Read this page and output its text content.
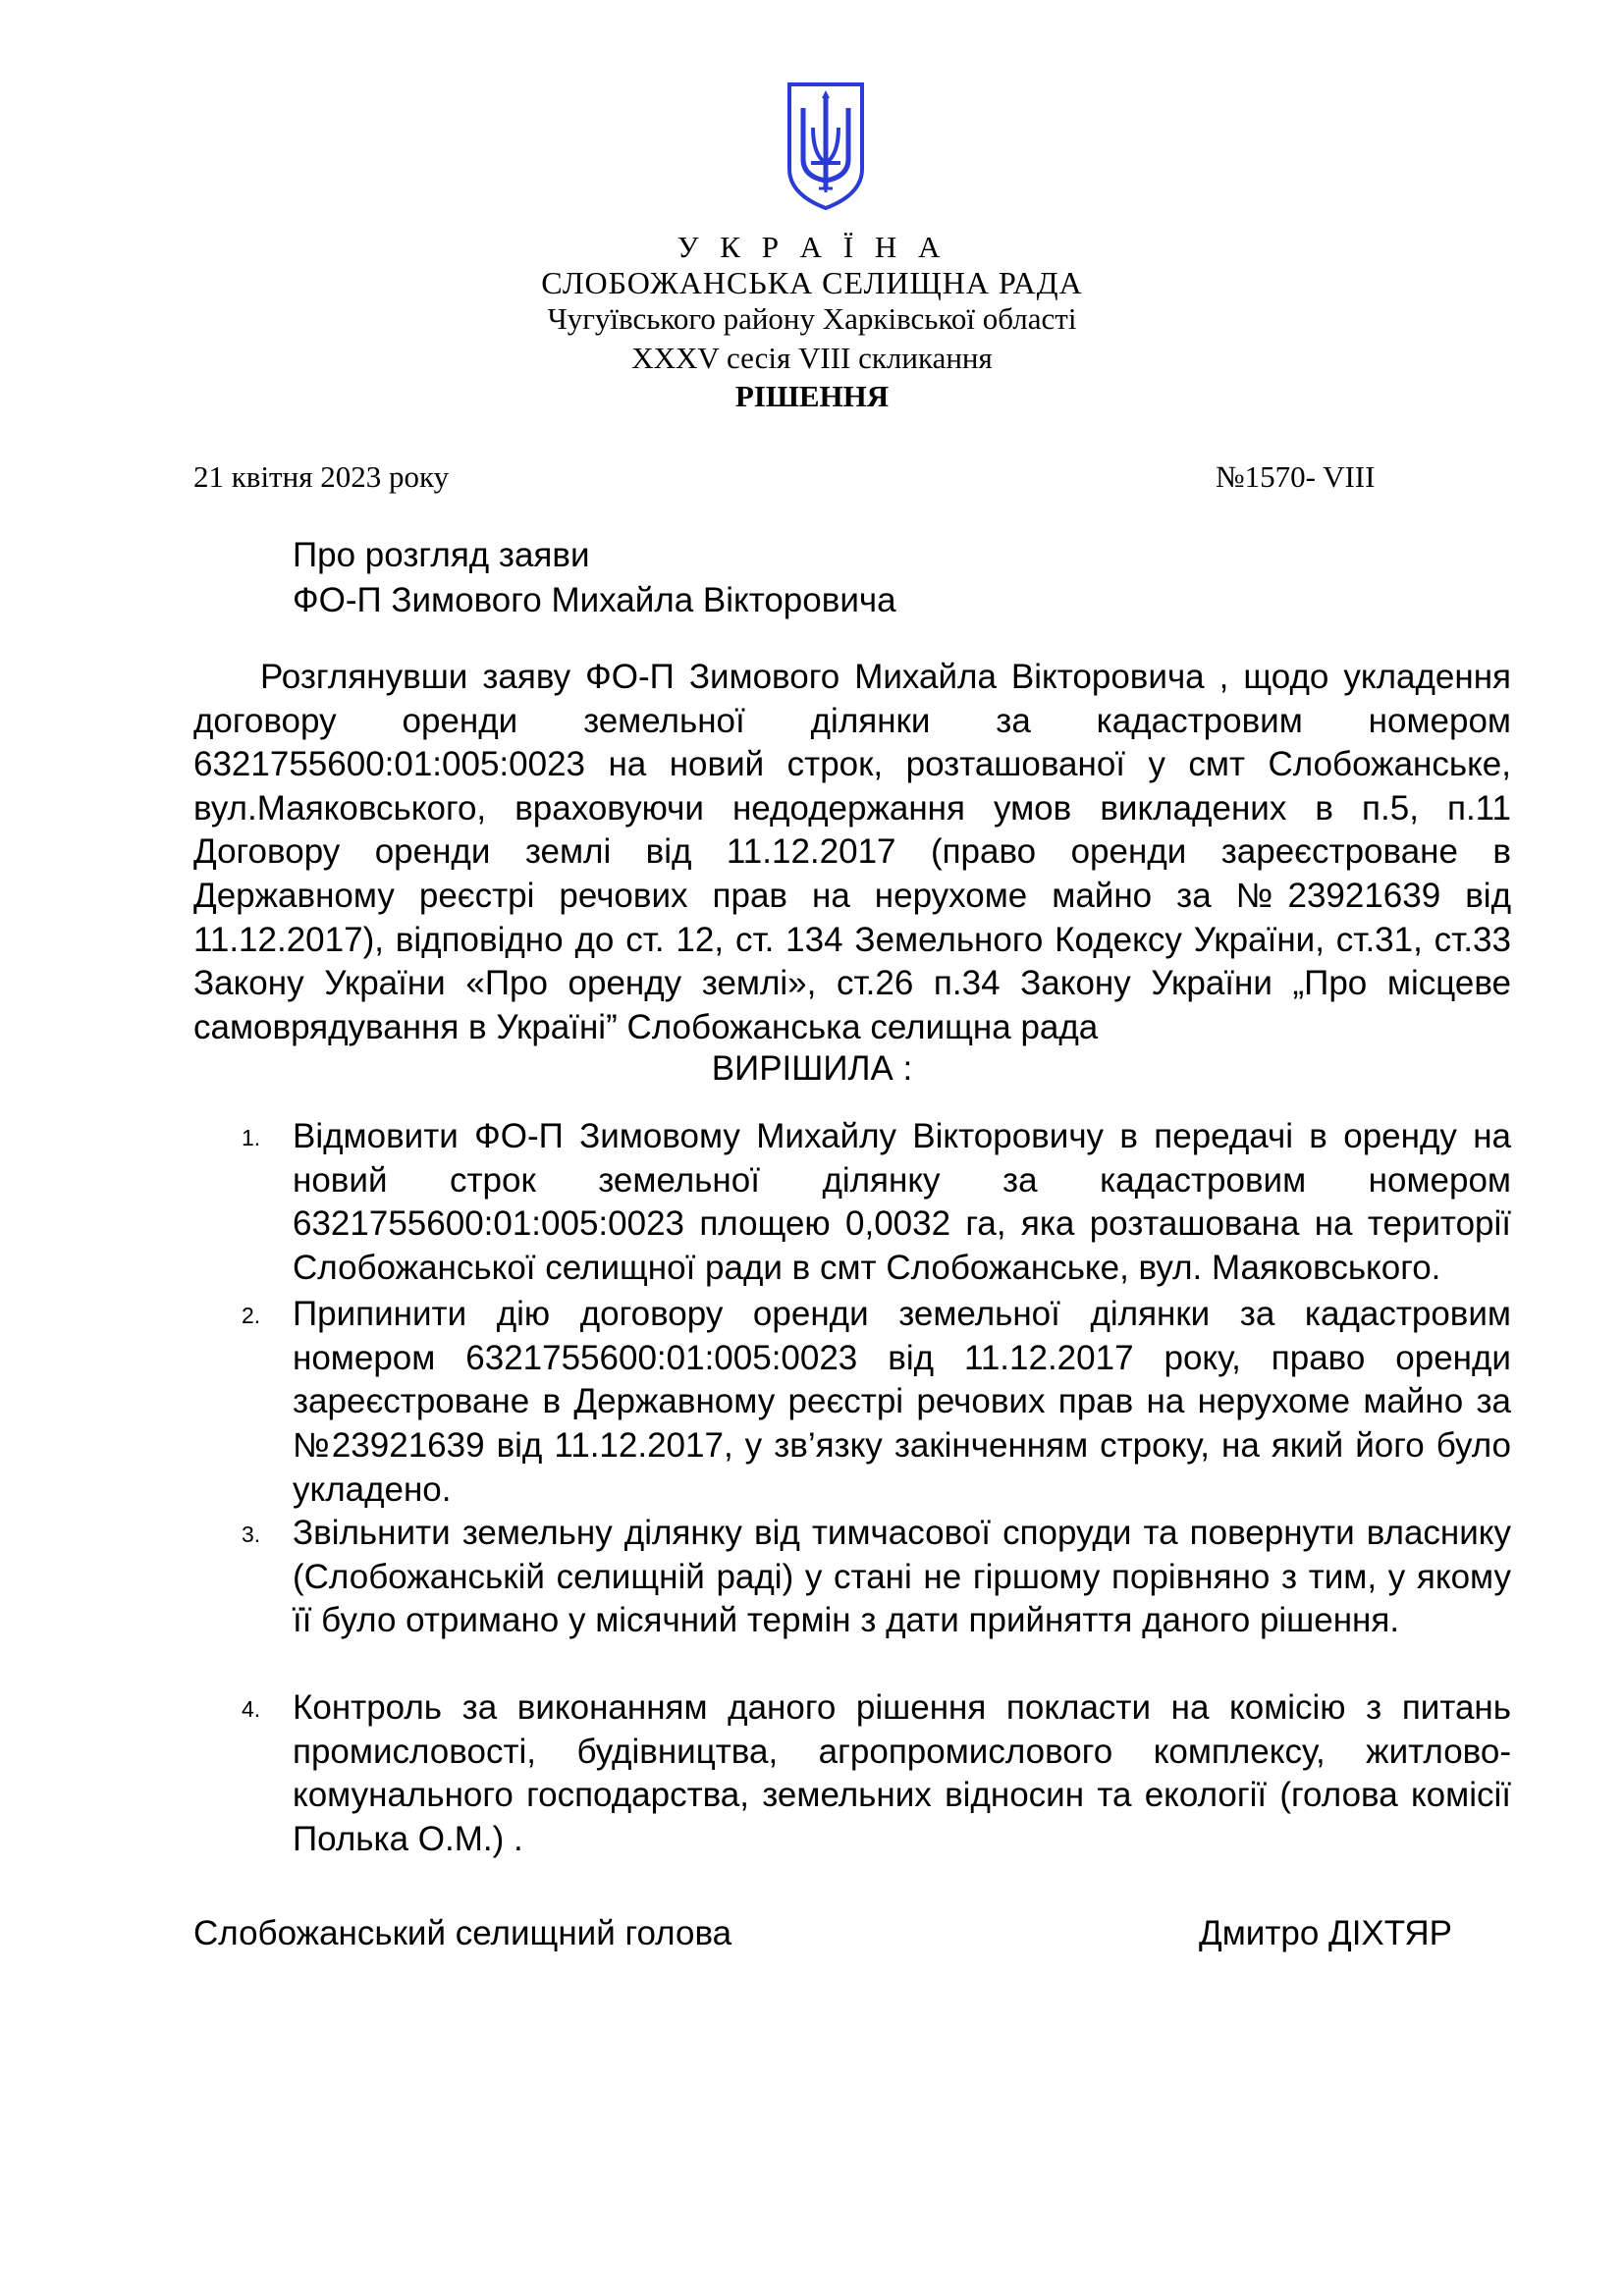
У К Р А Ї Н А
СЛОБОЖАНСЬКА СЕЛИЩНА РАДА
Чугуївського району Харківської області
XXXV сесія VIII скликання
РІШЕННЯ
21 квітня 2023 року	№1570- VIII
Про розгляд заяви
ФО-П Зимового Михайла Вікторовича

Розглянувши заяву ФО-П Зимового Михайла Вікторовича , щодо укладення договору оренди земельної ділянки за кадастровим номером 6321755600:01:005:0023 на новий строк, розташованої у смт Слобожанське, вул.Маяковського, враховуючи недодержання умов викладених в п.5, п.11 Договору оренди землі від 11.12.2017 (право оренди зареєстроване в Державному реєстрі речових прав на нерухоме майно за №23921639 від 11.12.2017), відповідно до ст. 12, ст. 134 Земельного Кодексу України, ст.31, ст.33 Закону України «Про оренду землі», ст.26 п.34 Закону України „Про місцеве самоврядування в Україні” Слобожанська селищна рада

ВИРІШИЛА :
1. Відмовити ФО-П Зимовому Михайлу Вікторовичу в передачі в оренду на новий строк земельної ділянку за кадастровим номером 6321755600:01:005:0023 площею 0,0032 га, яка розташована на території Слобожанської селищної ради в смт Слобожанське, вул. Маяковського.

2. Припинити дію договору оренди земельної ділянки за кадастровим номером 6321755600:01:005:0023 від 11.12.2017 року, право оренди зареєстроване в Державному реєстрі речових прав на нерухоме майно за №23921639 від 11.12.2017, у зв’язку закінченням строку, на який його було укладено.

3. Звільнити земельну ділянку від тимчасової споруди та повернути власнику (Слобожанській селищній раді) у стані не гіршому порівняно з тим, у якому її було отримано у місячний термін з дати прийняття даного рішення.

4. Контроль за виконанням даного рішення покласти на комісію з питань промисловості, будівництва, агропромислового комплексу, житлово-комунального господарства, земельних відносин та екології (голова комісії Полька О.М.) .

Слобожанський селищний голова	Дмитро ДІХТЯР
